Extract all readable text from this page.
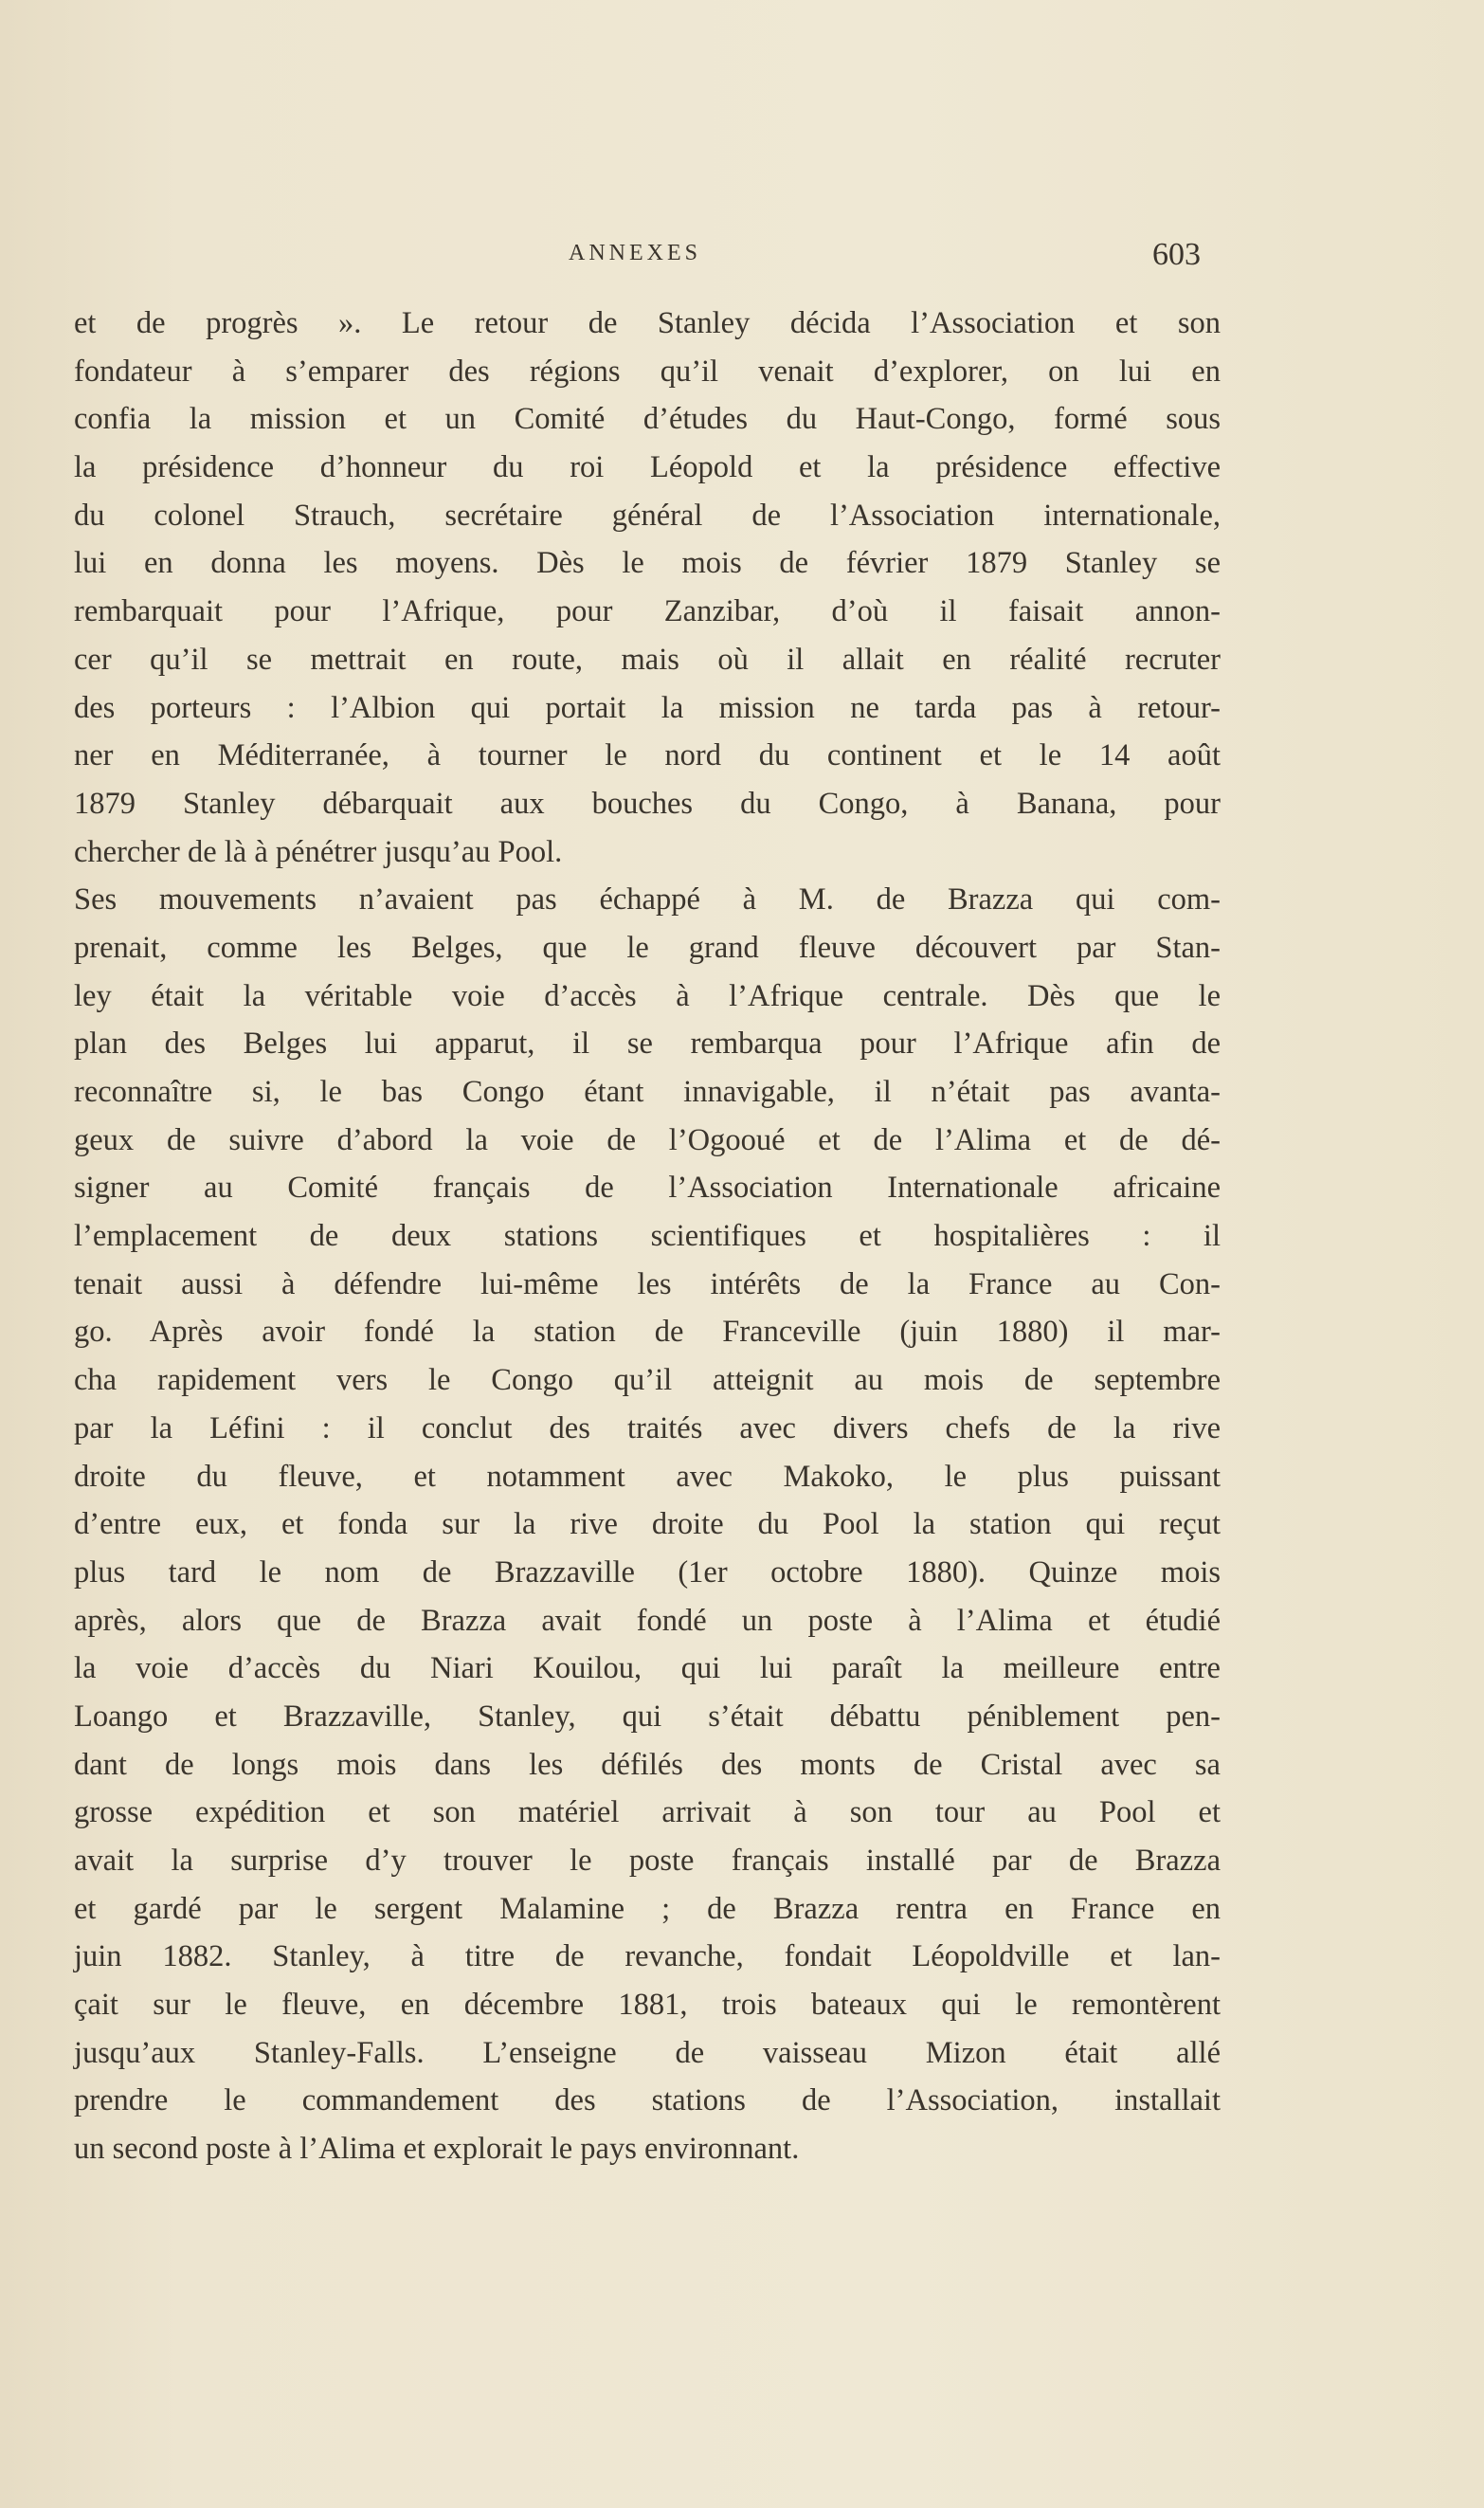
ANNEXES	603
et de progrès ». Le retour de Stanley décida l’Association et son
fondateur à s’emparer des régions qu’il venait d’explorer, on lui en
confia la mission et un Comité d’études du Haut-Congo, formé sous
la présidence d’honneur du roi Léopold et la présidence effective
du colonel Strauch, secrétaire général de l’Association internationale,
lui en donna les moyens. Dès le mois de février 1879 Stanley se
rembarquait pour l’Afrique, pour Zanzibar, d’où il faisait annon-
cer qu’il se mettrait en route, mais où il allait en réalité recruter
des porteurs : l’Albion qui portait la mission ne tarda pas à retour-
ner en Méditerranée, à tourner le nord du continent et le 14 août
1879 Stanley débarquait aux bouches du Congo, à Banana, pour
chercher de là à pénétrer jusqu’au Pool.
Ses mouvements n’avaient pas échappé à M. de Brazza qui com-
prenait, comme les Belges, que le grand fleuve découvert par Stan-
ley était la véritable voie d’accès à l’Afrique centrale. Dès que le
plan des Belges lui apparut, il se rembarqua pour l’Afrique afin de
reconnaître si, le bas Congo étant innavigable, il n’était pas avanta-
geux de suivre d’abord la voie de l’Ogooué et de l’Alima et de dé-
signer au Comité français de l’Association Internationale africaine
l’emplacement de deux stations scientifiques et hospitalières : il
tenait aussi à défendre lui-même les intérêts de la France au Con-
go. Après avoir fondé la station de Franceville (juin 1880) il mar-
cha rapidement vers le Congo qu’il atteignit au mois de septembre
par la Léfini : il conclut des traités avec divers chefs de la rive
droite du fleuve, et notamment avec Makoko, le plus puissant
d’entre eux, et fonda sur la rive droite du Pool la station qui reçut
plus tard le nom de Brazzaville (1er octobre 1880). Quinze mois
après, alors que de Brazza avait fondé un poste à l’Alima et étudié
la voie d’accès du Niari Kouilou, qui lui paraît la meilleure entre
Loango et Brazzaville, Stanley, qui s’était débattu péniblement pen-
dant de longs mois dans les défilés des monts de Cristal avec sa
grosse expédition et son matériel arrivait à son tour au Pool et
avait la surprise d’y trouver le poste français installé par de Brazza
et gardé par le sergent Malamine ; de Brazza rentra en France en
juin 1882. Stanley, à titre de revanche, fondait Léopoldville et lan-
çait sur le fleuve, en décembre 1881, trois bateaux qui le remontèrent
jusqu’aux Stanley-Falls. L’enseigne de vaisseau Mizon était allé
prendre le commandement des stations de l’Association, installait
un second poste à l’Alima et explorait le pays environnant.
